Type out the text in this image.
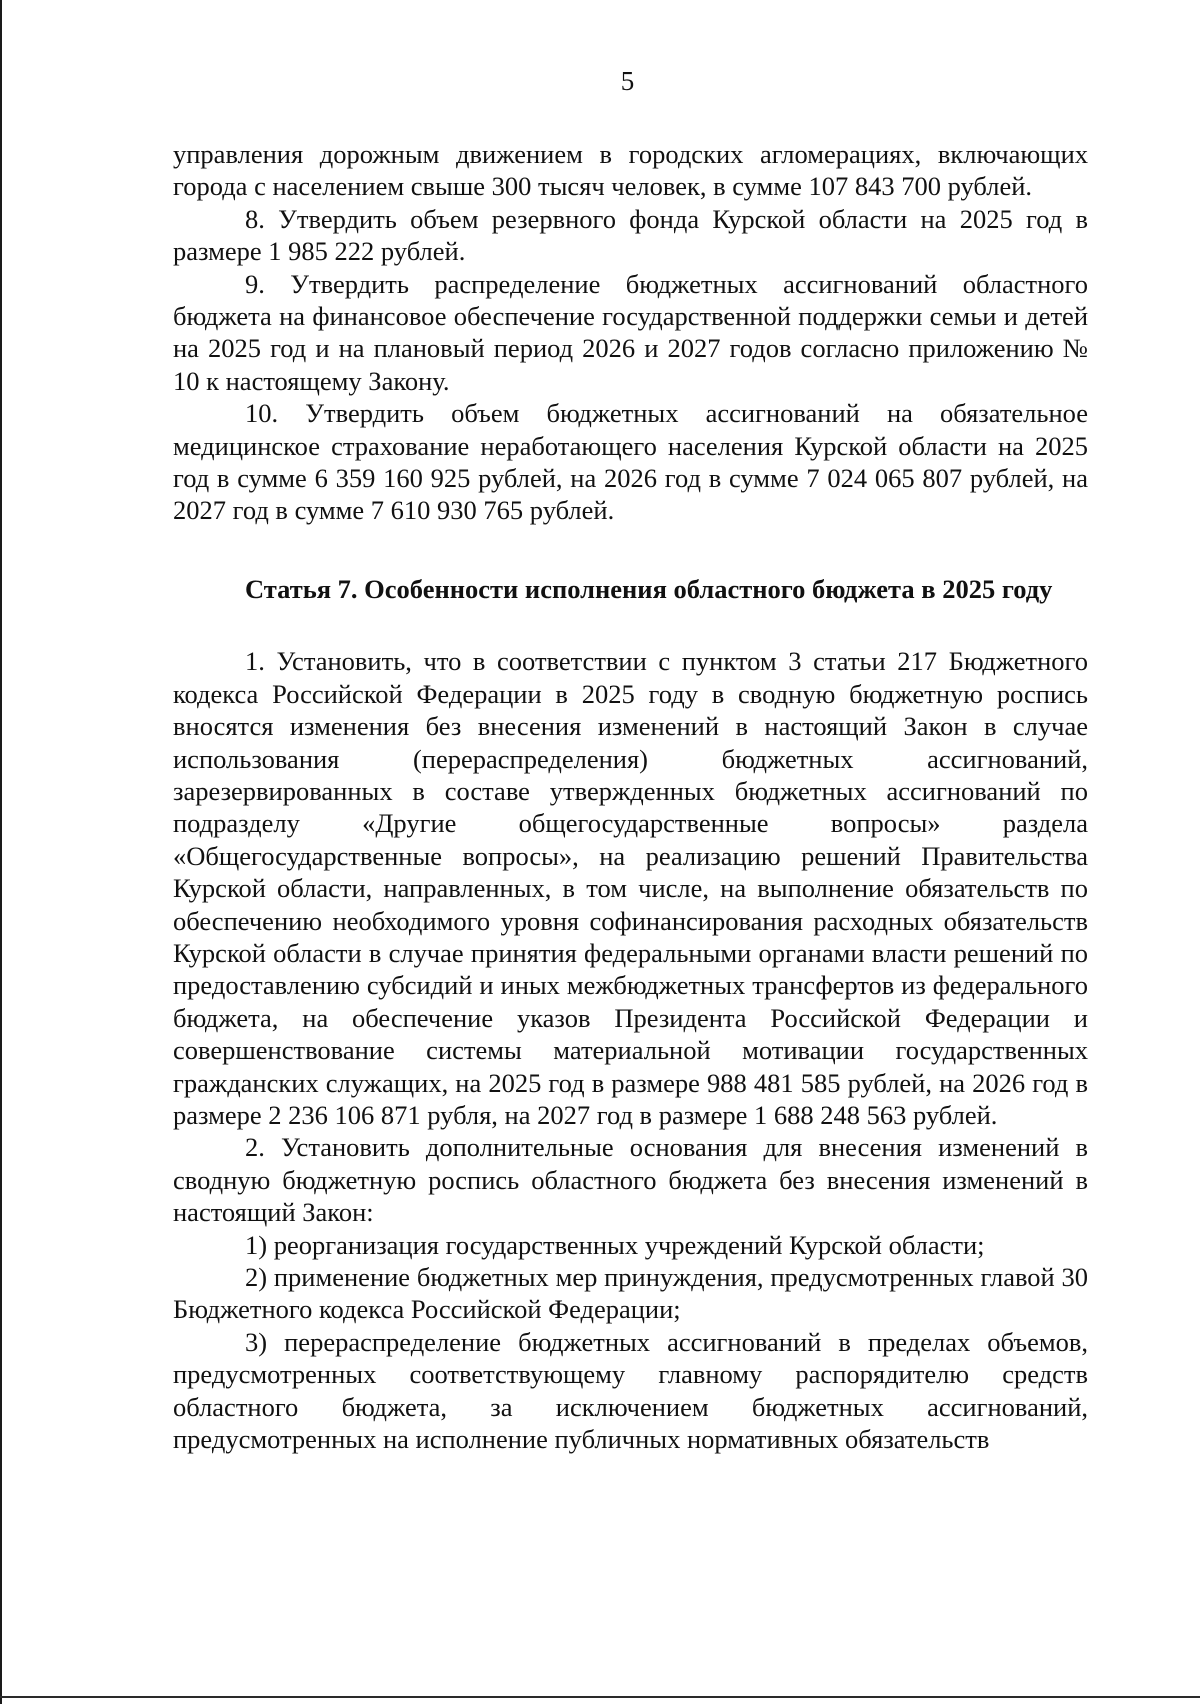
5

управления дорожным движением в городских агломерациях, включающих города с населением свыше 300 тысяч человек, в сумме 107 843 700 рублей.

8. Утвердить объем резервного фонда Курской области на 2025 год в размере 1 985 222 рублей.

9. Утвердить распределение бюджетных ассигнований областного бюджета на финансовое обеспечение государственной поддержки семьи и детей на 2025 год и на плановый период 2026 и 2027 годов согласно приложению № 10 к настоящему Закону.

10. Утвердить объем бюджетных ассигнований на обязательное медицинское страхование неработающего населения Курской области на 2025 год в сумме 6 359 160 925 рублей, на 2026 год в сумме 7 024 065 807 рублей, на 2027 год в сумме 7 610 930 765 рублей.

Статья 7. Особенности исполнения областного бюджета в 2025 году

1. Установить, что в соответствии с пунктом 3 статьи 217 Бюджетного кодекса Российской Федерации в 2025 году в сводную бюджетную роспись вносятся изменения без внесения изменений в настоящий Закон в случае использования (перераспределения) бюджетных ассигнований, зарезервированных в составе утвержденных бюджетных ассигнований по подразделу «Другие общегосударственные вопросы» раздела «Общегосударственные вопросы», на реализацию решений Правительства Курской области, направленных, в том числе, на выполнение обязательств по обеспечению необходимого уровня софинансирования расходных обязательств Курской области в случае принятия федеральными органами власти решений по предоставлению субсидий и иных межбюджетных трансфертов из федерального бюджета, на обеспечение указов Президента Российской Федерации и совершенствование системы материальной мотивации государственных гражданских служащих, на 2025 год в размере 988 481 585 рублей, на 2026 год в размере 2 236 106 871 рубля, на 2027 год в размере 1 688 248 563 рублей.

2. Установить дополнительные основания для внесения изменений в сводную бюджетную роспись областного бюджета без внесения изменений в настоящий Закон:

1) реорганизация государственных учреждений Курской области;

2) применение бюджетных мер принуждения, предусмотренных главой 30 Бюджетного кодекса Российской Федерации;

3) перераспределение бюджетных ассигнований в пределах объемов, предусмотренных соответствующему главному распорядителю средств областного бюджета, за исключением бюджетных ассигнований, предусмотренных на исполнение публичных нормативных обязательств
